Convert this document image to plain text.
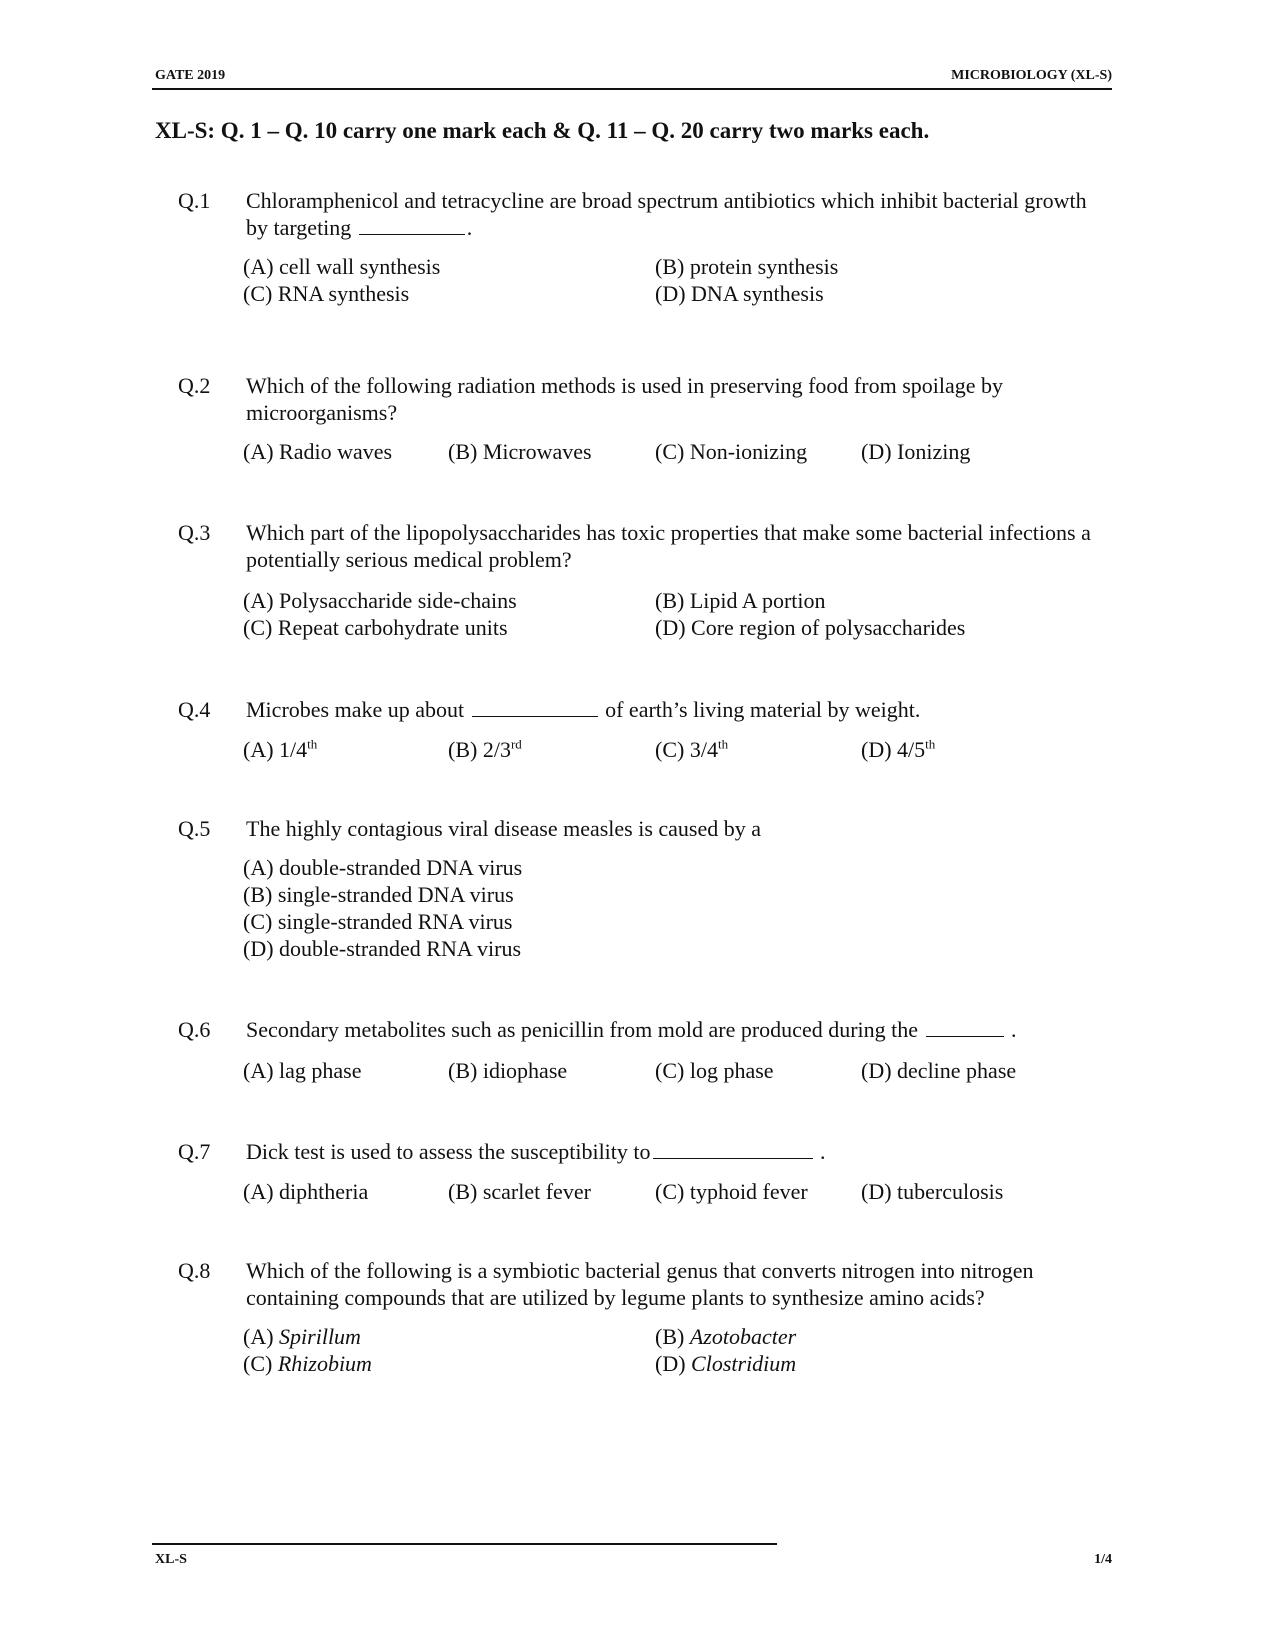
GATE 2019	MICROBIOLOGY (XL-S)
XL-S: Q. 1 – Q. 10 carry one mark each & Q. 11 – Q. 20 carry two marks each.
Q.1 Chloramphenicol and tetracycline are broad spectrum antibiotics which inhibit bacterial growth by targeting	.
(A) cell wall synthesis	(B) protein synthesis
(C) RNA synthesis	(D) DNA synthesis
Q.2 Which of the following radiation methods is used in preserving food from spoilage by microorganisms?
(A) Radio waves	(B) Microwaves	(C) Non-ionizing (D) Ionizing
Q.3 Which part of the lipopolysaccharides has toxic properties that make some bacterial infections a potentially serious medical problem?
(A) Polysaccharide side-chains	(B) Lipid A portion
(C) Repeat carbohydrate units	(D) Core region of polysaccharides
Q.4 Microbes make up about	of earth’s living material by weight.
(A) 1/4th	(B) 2/3rd	(C) 3/4th	(D) 4/5th
Q.5 The highly contagious viral disease measles is caused by a
(A) double-stranded DNA virus
(B) single-stranded DNA virus
(C) single-stranded RNA virus
(D) double-stranded RNA virus
Q.6 Secondary metabolites such as penicillin from mold are produced during the	.
(A) lag phase	(B) idiophase	(C) log phase	(D) decline phase
Q.7 Dick test is used to assess the susceptibility to	.
(A) diphtheria	(B) scarlet fever	(C) typhoid fever (D) tuberculosis
Q.8 Which of the following is a symbiotic bacterial genus that converts nitrogen into nitrogen containing compounds that are utilized by legume plants to synthesize amino acids?
(A) Spirillum	(B) Azotobacter
(C) Rhizobium	(D) Clostridium
XL-S	1/4
